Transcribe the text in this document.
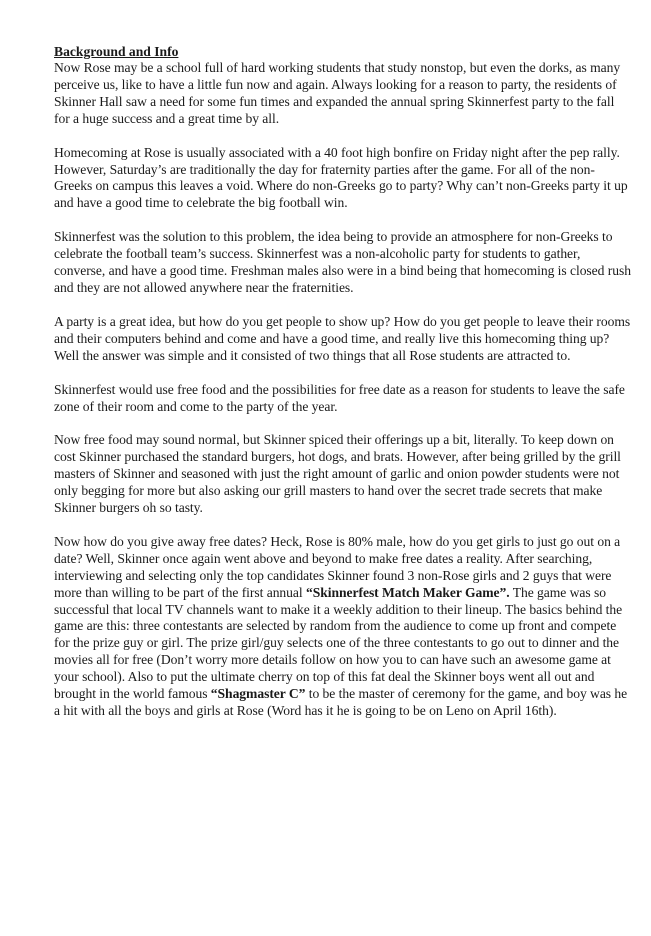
Background and Info

Now Rose may be a school full of hard working students that study nonstop, but even the dorks, as many perceive us, like to have a little fun now and again. Always looking for a reason to party, the residents of Skinner Hall saw a need for some fun times and expanded the annual spring Skinnerfest party to the fall for a huge success and a great time by all.

Homecoming at Rose is usually associated with a 40 foot high bonfire on Friday night after the pep rally. However, Saturday’s are traditionally the day for fraternity parties after the game. For all of the non-Greeks on campus this leaves a void. Where do non-Greeks go to party? Why can’t non-Greeks party it up and have a good time to celebrate the big football win.

Skinnerfest was the solution to this problem, the idea being to provide an atmosphere for non-Greeks to celebrate the football team’s success. Skinnerfest was a non-alcoholic party for students to gather, converse, and have a good time. Freshman males also were in a bind being that homecoming is closed rush and they are not allowed anywhere near the fraternities.

A party is a great idea, but how do you get people to show up? How do you get people to leave their rooms and their computers behind and come and have a good time, and really live this homecoming thing up? Well the answer was simple and it consisted of two things that all Rose students are attracted to.

Skinnerfest would use free food and the possibilities for free date as a reason for students to leave the safe zone of their room and come to the party of the year.

Now free food may sound normal, but Skinner spiced their offerings up a bit, literally. To keep down on cost Skinner purchased the standard burgers, hot dogs, and brats. However, after being grilled by the grill masters of Skinner and seasoned with just the right amount of garlic and onion powder students were not only begging for more but also asking our grill masters to hand over the secret trade secrets that make Skinner burgers oh so tasty.

Now how do you give away free dates? Heck, Rose is 80% male, how do you get girls to just go out on a date? Well, Skinner once again went above and beyond to make free dates a reality. After searching, interviewing and selecting only the top candidates Skinner found 3 non-Rose girls and 2 guys that were more than willing to be part of the first annual “Skinnerfest Match Maker Game”. The game was so successful that local TV channels want to make it a weekly addition to their lineup. The basics behind the game are this: three contestants are selected by random from the audience to come up front and compete for the prize guy or girl. The prize girl/guy selects one of the three contestants to go out to dinner and the movies all for free (Don’t worry more details follow on how you to can have such an awesome game at your school). Also to put the ultimate cherry on top of this fat deal the Skinner boys went all out and brought in the world famous “Shagmaster C” to be the master of ceremony for the game, and boy was he a hit with all the boys and girls at Rose (Word has it he is going to be on Leno on April 16th).
